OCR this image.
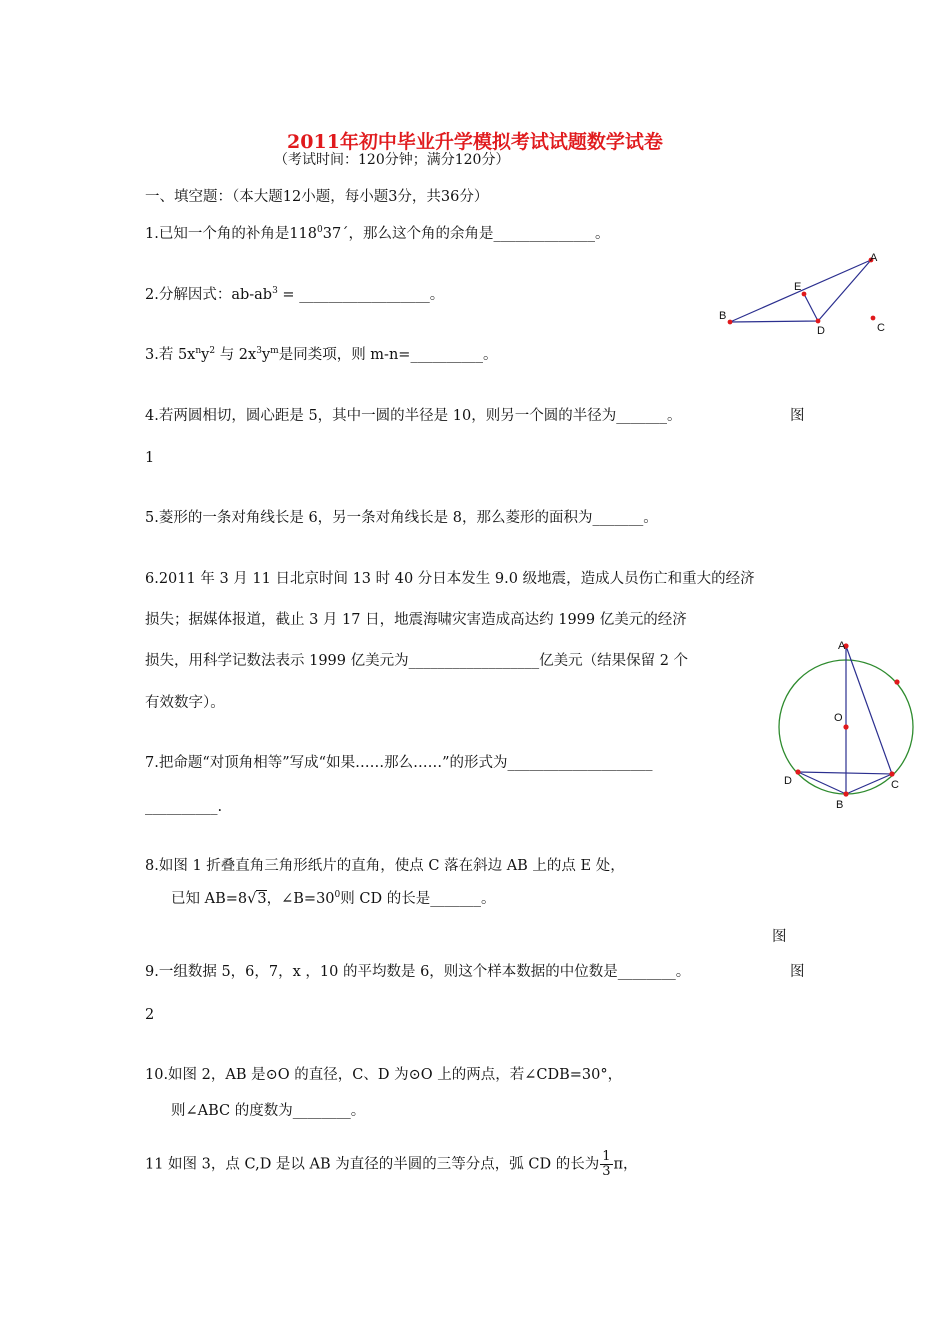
2011年初中毕业升学模拟考试试题数学试卷
（考试时间：120分钟；满分120分）
一、填空题：（本大题12小题，每小题3分，共36分）
1.已知一个角的补角是$118^037´$，那么这个角的余角是______________。
2.分解因式：$ab-ab^3$ = __________________。
3.若 $5x^ny^2$ 与 $2x^3y^m$是同类项，则 m-n=__________。
4.若两圆相切，圆心距是 5，其中一圆的半径是 10，则另一个圆的半径为_______。	图
1
5.菱形的一条对角线长是 6，另一条对角线长是 8，那么菱形的面积为_______。
6.2011 年 3 月 11 日北京时间 13 时 40 分日本发生 9.0 级地震，造成人员伤亡和重大的经济
损失；据媒体报道，截止 3 月 17 日，地震海啸灾害造成高达约 1999 亿美元的经济
损失，用科学记数法表示 1999 亿美元为__________________亿美元（结果保留 2 个
有效数字）。
7.把命题“对顶角相等”写成“如果……那么……”的形式为____________________
__________.
8.如图 1 折叠直角三角形纸片的直角，使点 C 落在斜边 AB 上的点 E 处，
已知 AB=8√3，$\angle B=30^0$则 CD 的长是_______。
图
9.一组数据 5，6，7，x ，10 的平均数是 6，则这个样本数据的中位数是________。	图
2
10.如图 2，AB 是⊙O 的直径，C、D 为⊙O 上的两点，若∠CDB=30°，
则∠ABC 的度数为________。
11 如图 3，点 C,D 是以 AB 为直径的半圆的三等分点，弧 CD 的长为 $\frac{1}{3}$ π，
A
E
B
D	C
A
O
D	C
B
